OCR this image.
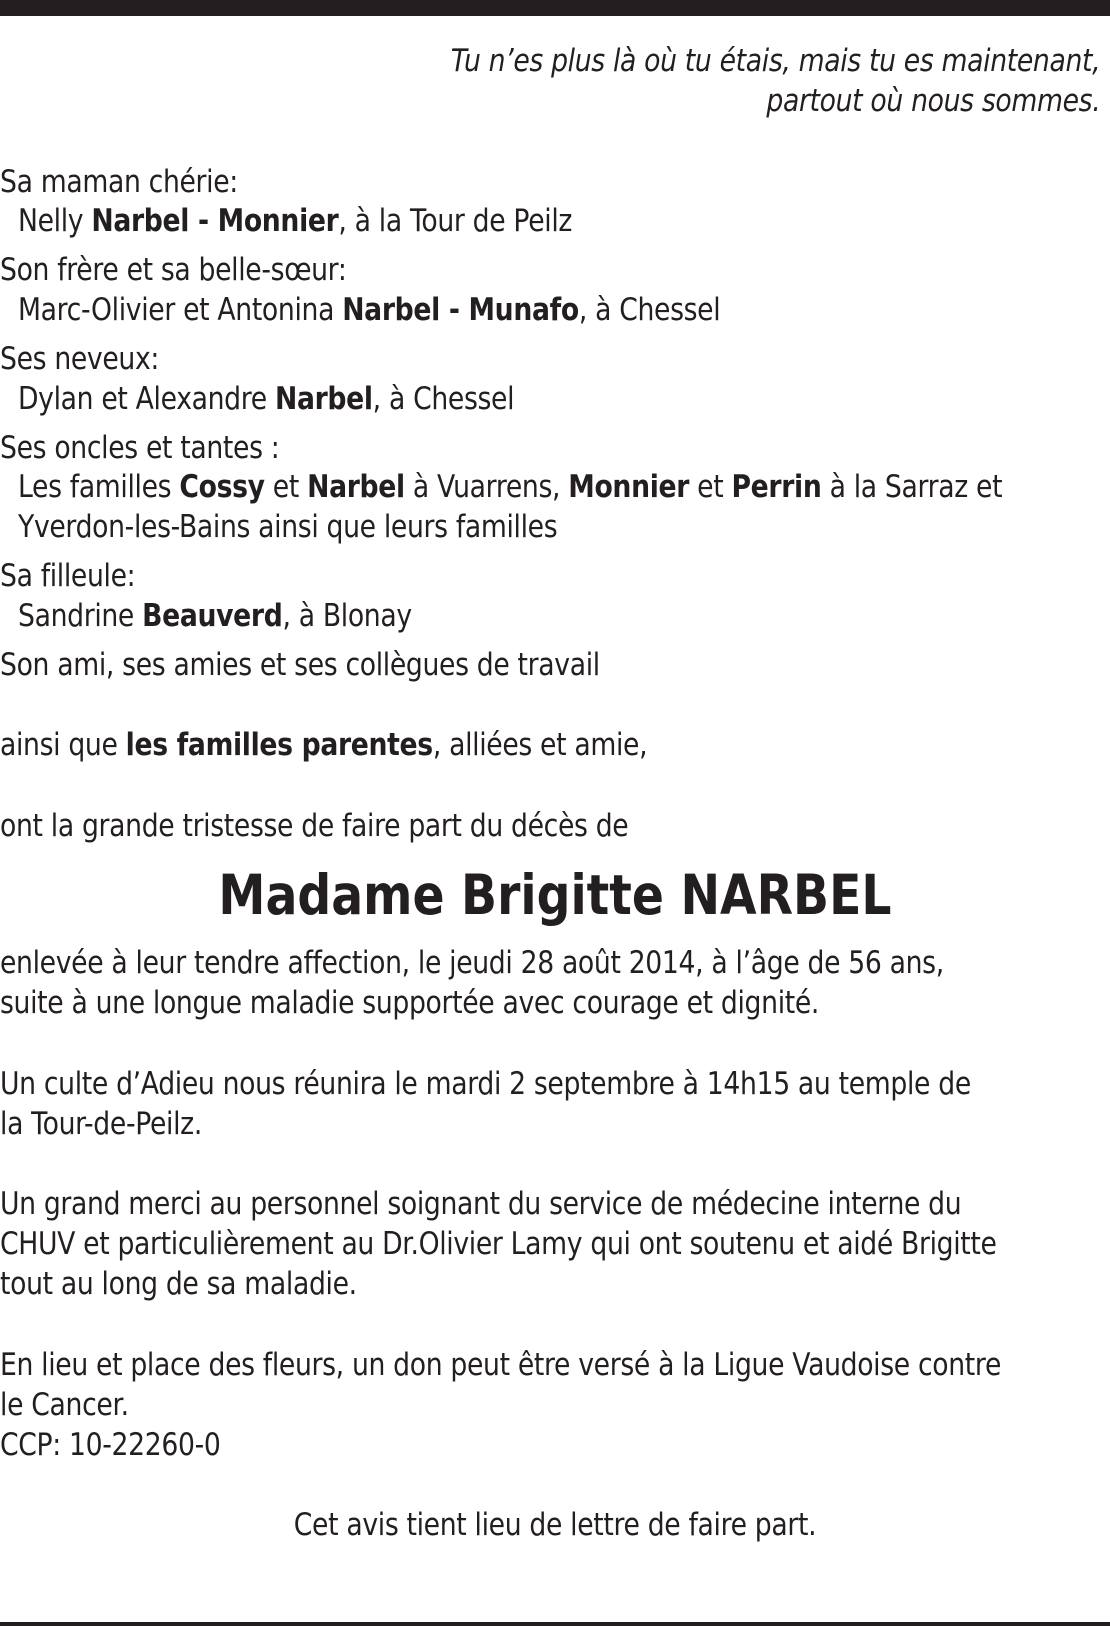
Tu n’es plus là où tu étais, mais tu es maintenant,
partout où nous sommes.
Sa maman chérie:
Nelly Narbel - Monnier, à la Tour de Peilz
Son frère et sa belle-sœur:
Marc-Olivier et Antonina Narbel - Munafo, à Chessel
Ses neveux:
Dylan et Alexandre Narbel, à Chessel
Ses oncles et tantes :
Les familles Cossy et Narbel à Vuarrens, Monnier et Perrin à la Sarraz et
Yverdon-les-Bains ainsi que leurs familles
Sa filleule:
Sandrine Beauverd, à Blonay
Son ami, ses amies et ses collègues de travail
ainsi que les familles parentes, alliées et amie,
ont la grande tristesse de faire part du décès de
Madame Brigitte NARBEL
enlevée à leur tendre affection, le jeudi 28 août 2014, à l’âge de 56 ans,
suite à une longue maladie supportée avec courage et dignité.
Un culte d’Adieu nous réunira le mardi 2 septembre à 14h15 au temple de
la Tour-de-Peilz.
Un grand merci au personnel soignant du service de médecine interne du
CHUV et particulièrement au Dr.Olivier Lamy qui ont soutenu et aidé Brigitte
tout au long de sa maladie.
En lieu et place des fleurs, un don peut être versé à la Ligue Vaudoise contre
le Cancer.
CCP: 10-22260-0
Cet avis tient lieu de lettre de faire part.
